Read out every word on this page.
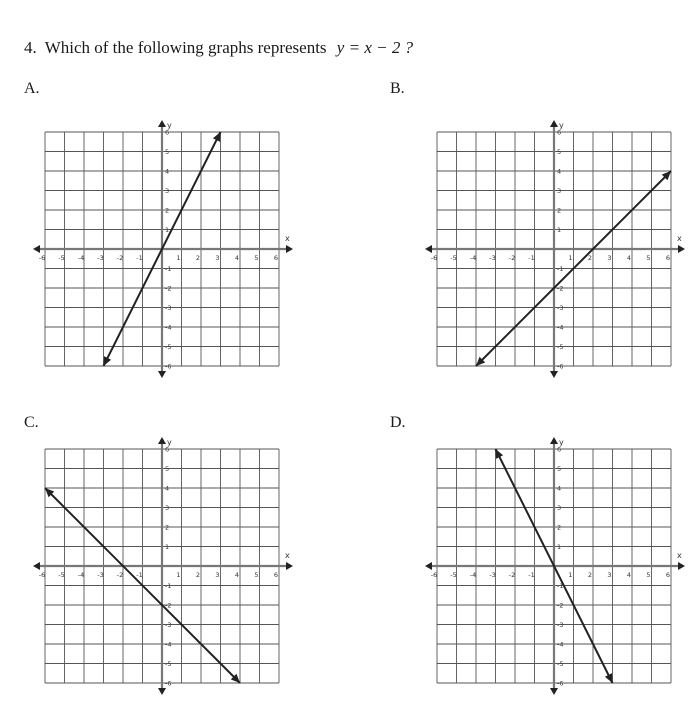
4. Which of the following graphs represents y = x − 2 ?
A.	B.
C.	D.
x
y
-6
-6
-5
-5
-4
-4
-3
-3
-2
-2
-1
-1
1
1
2
2
3
3
4
4
5
5
6
6
x
y
-6
-6
-5
-5
-4
-4
-3
-3
-2
-2
-1
-1
1
1
2
2
3
3
4
4
5
5
6
6
x
y
-6
-6
-5
-5
-4
-4
-3
-3
-2
-2
-1
-1
1
1
2
2
3
3
4
4
5
5
6
6
x
y
-6
-6
-5
-5
-4
-4
-3
-3
-2
-2
-1
-1
1
1
2
2
3
3
4
4
5
5
6
6
